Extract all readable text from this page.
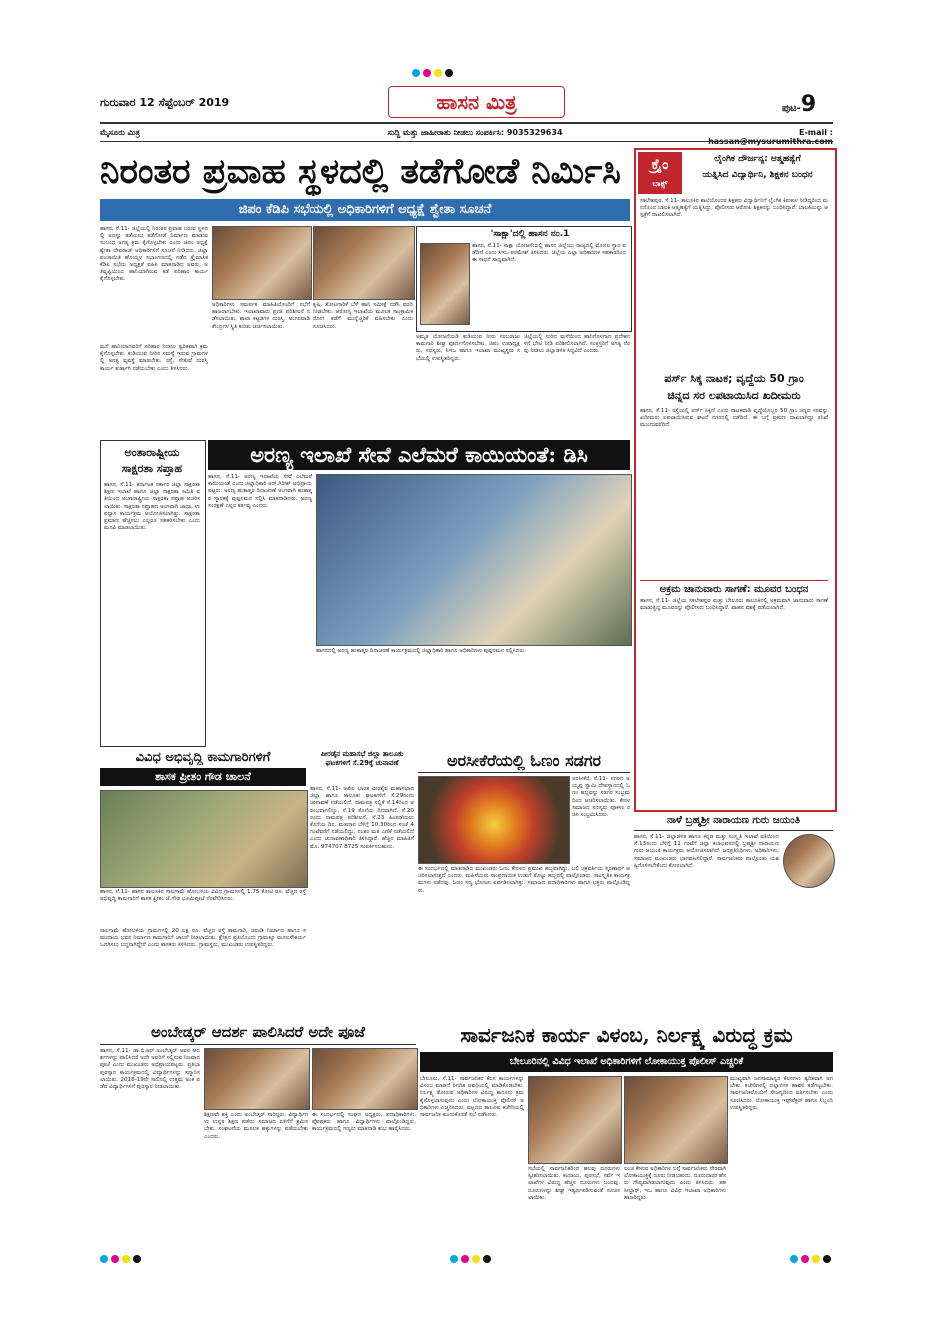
ಗುರುವಾರ 12 ಸೆಪ್ಟೆಂಬರ್ 2019	ಹಾಸನ ಮಿತ್ರ	ಪುಟ-9
ಮೈಸೂರು ಮಿತ್ರ	ಸುದ್ದಿ ಮತ್ತು ಜಾಹೀರಾತು ನೀಡಲು ಸಂಪರ್ಕಿಸಿ: 9035329634	E-mail :
ನಿರಂತರ ಪ್ರವಾಹ ಸ್ಥಳದಲ್ಲಿ ತಡೆಗೋಡೆ ನಿರ್ಮಿಸಿ
ಜಿಪಂ ಕೆಡಿಪಿ ಸಭೆಯಲ್ಲಿ ಅಧಿಕಾರಿಗಳಿಗೆ ಅಧ್ಯಕ್ಷೆ ಶ್ವೇತಾ ಸೂಚನೆ
ಹಾಸನ, ಸೆ.11- ಜಿಲ್ಲೆಯಲ್ಲಿ ನಿರಂತರ ಪ್ರವಾಹ ಬರುವ ಸ್ಥಳದಲ್ಲಿ ಅದನ್ನು ತಡೆಯಲು ತಡೆಗೋಡೆ ನಿರ್ಮಾಣ ಮಾಡುವ ಸಂಬಂಧ ಅಗತ್ಯ ಕ್ರಮ ಕೈಗೊಳ್ಳಬೇಕು ಎಂದು ಜಿಪಂ ಅಧ್ಯಕ್ಷೆ ಶ್ವೇತಾ ದೇವರಾಜ್ ಅಧಿಕಾರಿಗಳಿಗೆ ಸೂಚನೆ ನೀಡಿದರು. ಜಿಲ್ಲಾ ಪಂಚಾಯಿತಿ ಹೊಯ್ಸಳ ಸಭಾಂಗಣದಲ್ಲಿ ನಡೆದ ತ್ರೈಮಾಸಿಕ ಕೆಡಿಪಿ ಸಭೆಯ ಅಧ್ಯಕ್ಷತೆ ವಹಿಸಿ ಮಾತನಾಡಿದ ಅವರು, ಅತಿವೃಷ್ಟಿಯಿಂದ ಹಾನಿಯಾಗಿರುವ ಕಡೆ ಪರಿಹಾರ ಕಾರ್ಯ ಕೈಗೊಳ್ಳಬೇಕು.
'ಸಾಕ್ಷಾ'ದಲ್ಲಿ ಹಾಸನ ನಂ.1
ಹಾಸನ, ಸೆ.11- ಸಾಕ್ಷಾ ಯೋಜನೆಯಲ್ಲಿ ಹಾಸನ ಜಿಲ್ಲೆಯು ರಾಜ್ಯದಲ್ಲಿ ಮೊದಲ ಸ್ಥಾನ ಪಡೆದಿದೆ ಎಂದು ಸಿಇಒ ಪರಮೇಶ್ ತಿಳಿಸಿದರು. ಜಿಲ್ಲೆಯ ಎಲ್ಲಾ ಅಧಿಕಾರಿಗಳ ಸಹಕಾರದಿಂದ ಈ ಸಾಧನೆ ಸಾಧ್ಯವಾಗಿದೆ.
ಮನೆ ಹಾನಿಯಾದವರಿಗೆ ಪರಿಹಾರ ನೀಡಲು ತ್ವರಿತವಾಗಿ ಕ್ರಮ ಕೈಗೊಳ್ಳಬೇಕು. ಕುಡಿಯುವ ನೀರಿನ ಸಮಸ್ಯೆ ಇರುವ ಗ್ರಾಮಗಳಲ್ಲಿ ಅಗತ್ಯ ವ್ಯವಸ್ಥೆ ಮಾಡಬೇಕು. ರಸ್ತೆ, ಸೇತುವೆ ದುರಸ್ತಿ ಕಾರ್ಯ ತುರ್ತಾಗಿ ನಡೆಯಬೇಕು ಎಂದು ತಿಳಿಸಿದರು.
ಅಧಿಕಾರಿಗಳು ಸಮರ್ಪಕ ಮಾಹಿತಿಯೊಂದಿಗೆ ಸಭೆಗೆ ಹಾಜರಾಗಬೇಕು. ಇಲಾಖಾವಾರು ಪ್ರಗತಿ ಪರಿಶೀಲನೆ ನಡೆಸಲಾಯಿತು. ಶಾಲಾ ಕಟ್ಟಡಗಳ ದುರಸ್ತಿ, ಅಂಗನವಾಡಿ ಕೇಂದ್ರಗಳ ಸ್ಥಿತಿ ಕುರಿತು ಚರ್ಚಿಸಲಾಯಿತು.
ಕೃಷಿ, ತೋಟಗಾರಿಕೆ ಬೆಳೆ ಹಾನಿ ಸಮೀಕ್ಷೆ ನಡೆಸಿ ವರದಿ ನೀಡಬೇಕು. ಆರೋಗ್ಯ ಇಲಾಖೆಯ ಮೂಲಕ ಸಾಂಕ್ರಾಮಿಕ ರೋಗ ತಡೆಗೆ ಮುನ್ನೆಚ್ಚರಿಕೆ ವಹಿಸಬೇಕು ಎಂದು ಸೂಚಿಸಿದರು.
ಅಮೃತ ಯೋಜನೆಯಡಿ ಕುಡಿಯುವ ನೀರು ಸರಬರಾಜು ಕಾಮಗಾರಿ ಶೀಘ್ರ ಪೂರ್ಣಗೊಳಿಸಬೇಕು. ಜಿಪಂ ಉಪಾಧ್ಯಕ್ಷರು, ಸದಸ್ಯರು, ಸಿಇಒ ಹಾಗೂ ಇಲಾಖಾ ಮುಖ್ಯಸ್ಥರು ಸಭೆಯಲ್ಲಿ ಉಪಸ್ಥಿತರಿದ್ದರು.
ಜಿಲ್ಲೆಯಲ್ಲಿ ಸುರಿದ ಮಳೆಯಿಂದ ಹಾನಿಗೊಳಗಾದ ಪ್ರದೇಶಗಳಿಗೆ ಭೇಟಿ ನೀಡಿ ಪರಿಶೀಲಿಸಲಾಗಿದೆ. ಸಂತ್ರಸ್ತರಿಗೆ ಅಗತ್ಯ ನೆರವು ನೀಡಲು ಜಿಲ್ಲಾಡಳಿತ ಸಿದ್ಧವಿದೆ ಎಂದರು.
ಕ್ರೈಂ
ಬಾಕ್ಸ್
ಲೈಂಗಿಕ ದೌರ್ಜನ್ಯ: ಆತ್ಮಹತ್ಯೆಗೆ
ಯತ್ನಿಸಿದ ವಿದ್ಯಾರ್ಥಿನಿ, ಶಿಕ್ಷಕನ ಬಂಧನ
ಸಕಲೇಶಪುರ, ಸೆ.11- ತಾಲೂಕಿನ ಶಾಲೆಯೊಂದರ ಶಿಕ್ಷಕನು ವಿದ್ಯಾರ್ಥಿನಿಗೆ ಲೈಂಗಿಕ ಕಿರುಕುಳ ನೀಡಿದ್ದರಿಂದ ಮನನೊಂದ ಬಾಲಕಿ ಆತ್ಮಹತ್ಯೆಗೆ ಯತ್ನಿಸಿದ್ದು, ಪೊಲೀಸರು ಆರೋಪಿ ಶಿಕ್ಷಕನನ್ನು ಬಂಧಿಸಿದ್ದಾರೆ. ಬಾಲಕಿಯನ್ನು ಆಸ್ಪತ್ರೆಗೆ ದಾಖಲಿಸಲಾಗಿದೆ.
ಪರ್ಸ್ ಸಿಕ್ಕ ನಾಟಕ; ವೃದ್ಧೆಯ 50 ಗ್ರಾಂ
ಚಿನ್ನದ ಸರ ಲಪಟಾಯಿಸಿದ ಖದೀಮರು
ಹಾಸನ, ಸೆ.11- ರಸ್ತೆಯಲ್ಲಿ ಪರ್ಸ್ ಸಿಕ್ಕಿದೆ ಎಂದು ನಾಟಕವಾಡಿ ವೃದ್ಧೆಯೊಬ್ಬರ 50 ಗ್ರಾಂ ಚಿನ್ನದ ಸರವನ್ನು ಖದೀಮರು ಲಪಟಾಯಿಸಿರುವ ಘಟನೆ ನಗರದಲ್ಲಿ ನಡೆದಿದೆ. ಈ ಬಗ್ಗೆ ಪ್ರಕರಣ ದಾಖಲಾಗಿದ್ದು ತನಿಖೆ ಮುಂದುವರೆದಿದೆ.
ಅಕ್ರಮ ಜಾನುವಾರು ಸಾಗಣೆ: ಮೂವರ ಬಂಧನ
ಹಾಸನ, ಸೆ.11- ಜಿಲ್ಲೆಯ ಸಕಲೇಶಪುರ ಮತ್ತು ಬೇಲೂರು ತಾಲೂಕಿನಲ್ಲಿ ಅಕ್ರಮವಾಗಿ ಜಾನುವಾರು ಸಾಗಣೆ ಮಾಡುತ್ತಿದ್ದ ಮೂವರನ್ನು ಪೊಲೀಸರು ಬಂಧಿಸಿದ್ದಾರೆ. ವಾಹನ ವಶಕ್ಕೆ ಪಡೆಯಲಾಗಿದೆ.
ಅಂತಾರಾಷ್ಟ್ರೀಯ
ಸಾಕ್ಷರತಾ ಸಪ್ತಾಹ
ಹಾಸನ, ಸೆ.11- ಕರ್ನಾಟಕ ಸರ್ಕಾರ ಜಿಲ್ಲಾ ಸಾಕ್ಷರತಾ ಶಿಕ್ಷಣ ಇಲಾಖೆ ಹಾಗೂ ಜಿಲ್ಲಾ ಸಾಕ್ಷರತಾ ಸಮಿತಿ ವತಿಯಿಂದ ಅಂತಾರಾಷ್ಟ್ರೀಯ ಸಾಕ್ಷರತಾ ಸಪ್ತಾಹ ಆಚರಿಸಲಾಯಿತು. ಸಾಕ್ಷರತಾ ಸಪ್ತಾಹದ ಅಂಗವಾಗಿ ಜಾಥಾ, ಉಪನ್ಯಾಸ ಕಾರ್ಯಕ್ರಮ ಆಯೋಜಿಸಲಾಗಿತ್ತು. ಸಾಕ್ಷರತಾ ಪ್ರಮಾಣ ಹೆಚ್ಚಿಸಲು ಎಲ್ಲರೂ ಸಹಕರಿಸಬೇಕು ಎಂದು ಮನವಿ ಮಾಡಲಾಯಿತು.
ಅರಣ್ಯ ಇಲಾಖೆ ಸೇವೆ ಎಲೆಮರೆ ಕಾಯಿಯಂತೆ: ಡಿಸಿ
ಹಾಸನ, ಸೆ.11- ಅರಣ್ಯ ಇಲಾಖೆಯ ಸೇವೆ ಎಲೆಮರೆ ಕಾಯಿಯಂತೆ ಎಂದು ಜಿಲ್ಲಾಧಿಕಾರಿ ಆರ್.ಗಿರೀಶ್ ಅಭಿಪ್ರಾಯಪಟ್ಟರು. ಅರಣ್ಯ ಹುತಾತ್ಮರ ದಿನಾಚರಣೆ ಅಂಗವಾಗಿ ಹುತಾತ್ಮರ ಸ್ಮಾರಕಕ್ಕೆ ಪುಷ್ಪನಮನ ಸಲ್ಲಿಸಿ ಮಾತನಾಡಿದರು. ಅರಣ್ಯ ಸಂರಕ್ಷಣೆ ಎಲ್ಲರ ಕರ್ತವ್ಯ ಎಂದರು.
ಹಾಸನದಲ್ಲಿ ಅರಣ್ಯ ಹುತಾತ್ಮರ ದಿನಾಚರಣೆ ಕಾರ್ಯಕ್ರಮದಲ್ಲಿ ಜಿಲ್ಲಾಧಿಕಾರಿ ಹಾಗೂ ಅಧಿಕಾರಿಗಳು ಪುಷ್ಪನಮನ ಸಲ್ಲಿಸಿದರು.
ವಿವಿಧ ಅಭಿವೃದ್ಧಿ ಕಾಮಗಾರಿಗಳಿಗೆ
ಶಾಸಕ ಪ್ರೀತಂ ಗೌಡ ಚಾಲನೆ
ಹಾಸನ, ಸೆ.11- ಹಾಸನ ತಾಲೂಕಿನ ಸಾಲಗಾಮೆ ಹೋಬಳಿಯ ವಿವಿಧ ಗ್ರಾಮಗಳಲ್ಲಿ 1.75 ಕೋಟಿ ರೂ. ವೆಚ್ಚದ ರಸ್ತೆ ಅಭಿವೃದ್ಧಿ ಕಾಮಗಾರಿಗೆ ಶಾಸಕ ಪ್ರೀತಂ ಜೆ.ಗೌಡ ಭೂಮಿಪೂಜೆ ನೆರವೇರಿಸಿದರು.
ಸಾಲಗಾಮೆ ಹೋಬಳಿಯ ಗ್ರಾಮಗಳಲ್ಲಿ 20 ಲಕ್ಷ ರೂ. ವೆಚ್ಚದ ರಸ್ತೆ ಕಾಮಗಾರಿ, ಚರಂಡಿ ನಿರ್ಮಾಣ ಹಾಗೂ ಸಮುದಾಯ ಭವನ ನಿರ್ಮಾಣ ಕಾಮಗಾರಿಗೆ ಚಾಲನೆ ನೀಡಲಾಯಿತು. ಕ್ಷೇತ್ರದ ಪ್ರತಿಯೊಂದು ಗ್ರಾಮಕ್ಕೂ ಮೂಲಸೌಕರ್ಯ ಒದಗಿಸಲು ಬದ್ಧನಾಗಿದ್ದೇನೆ ಎಂದು ಶಾಸಕರು ತಿಳಿಸಿದರು. ಗ್ರಾಮಸ್ಥರು, ಮುಖಂಡರು ಉಪಸ್ಥಿತರಿದ್ದರು.
ಪೀರಡೈನ ಮಹಾಸಭೆ ಜಿಲ್ಲಾ ತಾಲೂಕು ಘಟಕಗಳಿಗೆ ಸೆ.29ಕ್ಕೆ ಚುನಾವಣೆ
ಹಾಸನ, ಸೆ.11- ಅಖಿಲ ಭಾರತ ವೀರಶೈವ ಮಹಾಸಭಾದ ಜಿಲ್ಲಾ ಹಾಗೂ ತಾಲೂಕು ಘಟಕಗಳಿಗೆ ಸೆ.29ರಂದು ಚುನಾವಣೆ ನಡೆಯಲಿದೆ. ನಾಮಪತ್ರ ಸಲ್ಲಿಕೆ ಸೆ.14ರಿಂದ ಆರಂಭವಾಗಲಿದ್ದು, ಸೆ.19 ಕೊನೆಯ ದಿನವಾಗಿದೆ. ಸೆ.20ರಂದು ನಾಮಪತ್ರ ಪರಿಶೀಲನೆ, ಸೆ.23 ಹಿಂಪಡೆಯಲು ಕೊನೆಯ ದಿನ. ಮತದಾನ ಬೆಳಿಗ್ಗೆ 10.30ರಿಂದ ಸಂಜೆ 4 ಗಂಟೆವರೆಗೆ ನಡೆಯಲಿದ್ದು, ನಂತರ ಮತ ಎಣಿಕೆ ನಡೆಯಲಿದೆ ಎಂದು ಚುನಾವಣಾಧಿಕಾರಿ ತಿಳಿಸಿದ್ದಾರೆ. ಹೆಚ್ಚಿನ ಮಾಹಿತಿಗೆ ಮೊ. 974707 8725 ಸಂಪರ್ಕಿಸಬಹುದು.
ಅರಸೀಕೆರೆಯಲ್ಲಿ ಓಣಂ ಸಡಗರ
ಅರಸೀಕೆರೆ, ಸೆ.11- ನಗರದ ಅಯ್ಯಪ್ಪ ಸ್ವಾಮಿ ದೇವಸ್ಥಾನದಲ್ಲಿ ಓಣಂ ಹಬ್ಬವನ್ನು ಸಡಗರ ಸಂಭ್ರಮದಿಂದ ಆಚರಿಸಲಾಯಿತು. ಕೇರಳ ಸಮಾಜದ ಸದಸ್ಯರು ಪೂಕಳಂ ರಚಿಸಿ ಸಂಭ್ರಮಿಸಿದರು.
ಈ ಸಂದರ್ಭದಲ್ಲಿ ಮಾತನಾಡಿದ ಮುಖಂಡರು ಓಣಂ ಕೇರಳದ ಪ್ರಮುಖ ಹಬ್ಬವಾಗಿದ್ದು, ಬಲಿ ಚಕ್ರವರ್ತಿಯ ಸ್ಮರಣಾರ್ಥ ಆಚರಿಸಲಾಗುತ್ತದೆ ಎಂದರು. ಮಹಿಳೆಯರು ಸಾಂಪ್ರದಾಯಿಕ ಉಡುಗೆ ತೊಟ್ಟು ಹಬ್ಬದಲ್ಲಿ ಪಾಲ್ಗೊಂಡರು. ಸಾಂಸ್ಕೃತಿಕ ಕಾರ್ಯಕ್ರಮಗಳು ನಡೆದವು. ಓಣಂ ಸದ್ಯ ಭೋಜನ ಏರ್ಪಡಿಸಲಾಗಿತ್ತು. ಸಮಾಜದ ಪದಾಧಿಕಾರಿಗಳು ಹಾಗೂ ಭಕ್ತರು ಪಾಲ್ಗೊಂಡಿದ್ದರು.
ನಾಳೆ ಬ್ರಹ್ಮಶ್ರೀ ನಾರಾಯಣ ಗುರು ಜಯಂತಿ
ಹಾಸನ, ಸೆ.11- ಜಿಲ್ಲಾಡಳಿತ ಹಾಗೂ ಕನ್ನಡ ಮತ್ತು ಸಂಸ್ಕೃತಿ ಇಲಾಖೆ ವತಿಯಿಂದ ಸೆ.13ರಂದು ಬೆಳಿಗ್ಗೆ 11 ಗಂಟೆಗೆ ಜಿಲ್ಲಾ ಕಲಾಭವನದಲ್ಲಿ ಬ್ರಹ್ಮಶ್ರೀ ನಾರಾಯಣ ಗುರು ಜಯಂತಿ ಕಾರ್ಯಕ್ರಮ ಆಯೋಜಿಸಲಾಗಿದೆ. ಜನಪ್ರತಿನಿಧಿಗಳು, ಅಧಿಕಾರಿಗಳು, ಸಮಾಜದ ಮುಖಂಡರು ಭಾಗವಹಿಸಲಿದ್ದಾರೆ. ಸಾರ್ವಜನಿಕರು ಪಾಲ್ಗೊಂಡು ಯಶಸ್ವಿಗೊಳಿಸಬೇಕೆಂದು ಕೋರಲಾಗಿದೆ.
ಸಾರ್ವಜನಿಕ ಕಾರ್ಯ ವಿಳಂಬ, ನಿರ್ಲಕ್ಷ್ಯ ವಿರುದ್ಧ ಕ್ರಮ
ಬೇಲೂರಿನಲ್ಲಿ ವಿವಿಧ ಇಲಾಖೆ ಅಧಿಕಾರಿಗಳಿಗೆ ಲೋಕಾಯುಕ್ತ ಪೊಲೀಸ್ ಎಚ್ಚರಿಕೆ
ಬೇಲೂರು, ಸೆ.11- ಸಾರ್ವಜನಿಕರ ಕೆಲಸ ಕಾರ್ಯಗಳನ್ನು ವಿಳಂಬ ಮಾಡದೆ ನಿಗದಿತ ಅವಧಿಯಲ್ಲಿ ಮಾಡಿಕೊಡಬೇಕು. ನಿರ್ಲಕ್ಷ್ಯ ತೋರುವ ಅಧಿಕಾರಿಗಳ ವಿರುದ್ಧ ಕಾನೂನು ಕ್ರಮ ಕೈಗೊಳ್ಳಲಾಗುವುದು ಎಂದು ಲೋಕಾಯುಕ್ತ ಪೊಲೀಸ್ ಅಧಿಕಾರಿಗಳು ಎಚ್ಚರಿಸಿದರು. ಪಟ್ಟಣದ ತಾಲೂಕು ಕಚೇರಿಯಲ್ಲಿ ಸಾರ್ವಜನಿಕ ಕುಂದುಕೊರತೆ ಸಭೆ ನಡೆಸಿದರು.
ಸಭೆಯಲ್ಲಿ ಸಾರ್ವಜನಿಕರಿಂದ ಹಲವು ದೂರುಗಳು ಸ್ವೀಕರಿಸಲಾಯಿತು. ಕಂದಾಯ, ಪುರಸಭೆ, ಸರ್ವೆ ಇಲಾಖೆಗಳ ವಿರುದ್ಧ ಹೆಚ್ಚಿನ ದೂರುಗಳು ಬಂದವು. ದೂರುಗಳನ್ನು ಶೀಘ್ರ ಇತ್ಯರ್ಥಪಡಿಸುವಂತೆ ಸೂಚಿಸಲಾಯಿತು.
ಲಂಚ ಕೇಳುವ ಅಧಿಕಾರಿಗಳ ಬಗ್ಗೆ ಸಾರ್ವಜನಿಕರು ನೇರವಾಗಿ ಲೋಕಾಯುಕ್ತಕ್ಕೆ ದೂರು ನೀಡಬಹುದು. ದೂರುದಾರರ ಹೆಸರು ಗೌಪ್ಯವಾಗಿಡಲಾಗುವುದು ಎಂದು ತಿಳಿಸಿದರು. ತಹಸೀಲ್ದಾರ್, ಇಒ ಹಾಗೂ ವಿವಿಧ ಇಲಾಖಾ ಅಧಿಕಾರಿಗಳು ಹಾಜರಿದ್ದರು.
ಮುಖ್ಯವಾಗಿ ಜನಸಾಮಾನ್ಯರ ಕೆಲಸಗಳು ತ್ವರಿತವಾಗಿ ಆಗಬೇಕು. ಕಚೇರಿಗಳಲ್ಲಿ ದಲ್ಲಾಳಿಗಳ ಹಾವಳಿ ತಡೆಗಟ್ಟಬೇಕು. ಸಾರ್ವಜನಿಕರೊಂದಿಗೆ ಸೌಜನ್ಯದಿಂದ ವರ್ತಿಸಬೇಕು ಎಂದು ಸೂಚಿಸಿದರು. ಲೋಕಾಯುಕ್ತ ಇನ್ಸ್‌ಪೆಕ್ಟರ್ ಹಾಗೂ ಸಿಬ್ಬಂದಿ ಉಪಸ್ಥಿತರಿದ್ದರು.
ಅಂಬೇಡ್ಕರ್ ಆದರ್ಶ ಪಾಲಿಸಿದರೆ ಅದೇ ಪೂಜೆ
ಹಾಸನ, ಸೆ.11- ಡಾ.ಬಿ.ಆರ್.ಅಂಬೇಡ್ಕರ್ ಅವರ ಆದರ್ಶಗಳನ್ನು ಪಾಲಿಸಿದರೆ ಅದೇ ಅವರಿಗೆ ಸಲ್ಲಿಸುವ ನಿಜವಾದ ಪೂಜೆ ಎಂದು ಮುಖಂಡರು ಅಭಿಪ್ರಾಯಪಟ್ಟರು. ಪ್ರತಿಭಾ ಪುರಸ್ಕಾರ ಕಾರ್ಯಕ್ರಮದಲ್ಲಿ ವಿದ್ಯಾರ್ಥಿಗಳನ್ನು ಸನ್ಮಾನಿಸಲಾಯಿತು. 2018-19ನೇ ಸಾಲಿನಲ್ಲಿ ಉತ್ತಮ ಅಂಕ ಪಡೆದ ವಿದ್ಯಾರ್ಥಿಗಳಿಗೆ ಪುರಸ್ಕಾರ ನೀಡಲಾಯಿತು.
ಶಿಕ್ಷಣವೇ ಶಕ್ತಿ ಎಂದು ಅಂಬೇಡ್ಕರ್ ಸಾರಿದ್ದರು. ವಿದ್ಯಾರ್ಥಿಗಳು ಉನ್ನತ ಶಿಕ್ಷಣ ಪಡೆದು ಸಮಾಜದ ಏಳಿಗೆಗೆ ಶ್ರಮಿಸಬೇಕು. ಸಂಘಟನೆಯ ಮೂಲಕ ಹಕ್ಕುಗಳನ್ನು ಪಡೆಯಬೇಕು ಎಂದರು.
ಈ ಸಂದರ್ಭದಲ್ಲಿ ಸಂಘದ ಅಧ್ಯಕ್ಷರು, ಪದಾಧಿಕಾರಿಗಳು, ಪೋಷಕರು ಹಾಗೂ ವಿದ್ಯಾರ್ಥಿಗಳು ಪಾಲ್ಗೊಂಡಿದ್ದರು. ಕಾರ್ಯಕ್ರಮದಲ್ಲಿ ಗಣ್ಯರು ಮಾತನಾಡಿ ಶುಭ ಹಾರೈಸಿದರು.
